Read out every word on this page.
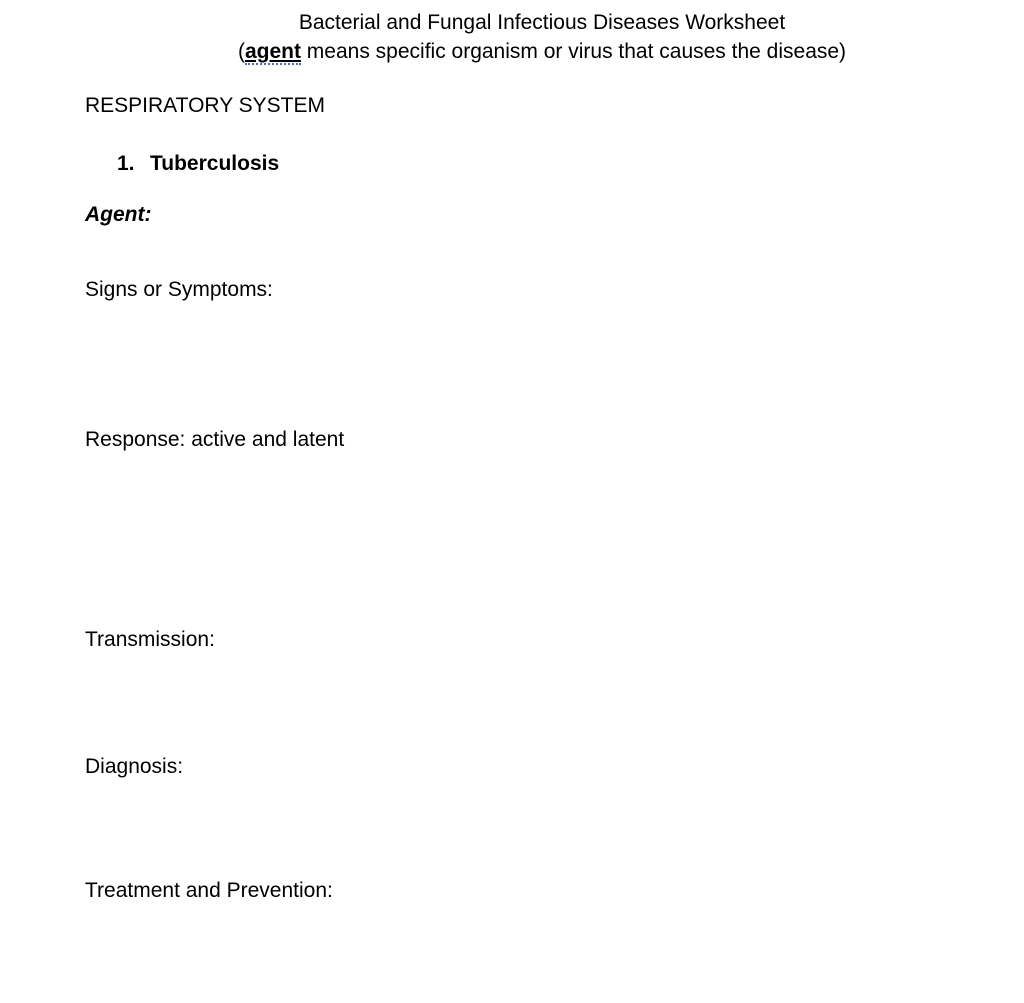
Bacterial and Fungal Infectious Diseases Worksheet
(agent means specific organism or virus that causes the disease)
RESPIRATORY SYSTEM
1. Tuberculosis
Agent:
Signs or Symptoms:
Response: active and latent
Transmission:
Diagnosis:
Treatment and Prevention:
